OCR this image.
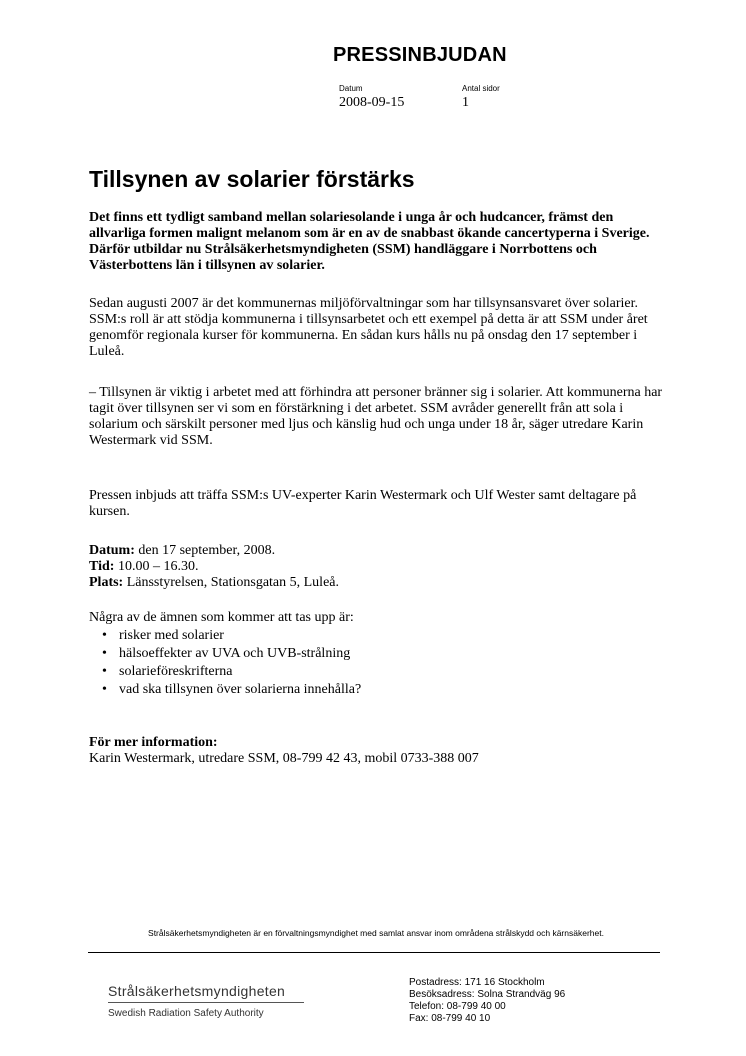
PRESSINBJUDAN
Datum
2008-09-15
Antal sidor
1
Tillsynen av solarier förstärks
Det finns ett tydligt samband mellan solariesolande i unga år och hudcancer, främst den allvarliga formen malignt melanom som är en av de snabbast ökande cancertyperna i Sverige. Därför utbildar nu Strålsäkerhetsmyndigheten (SSM) handläggare i Norrbottens och Västerbottens län i tillsynen av solarier.
Sedan augusti 2007 är det kommunernas miljöförvaltningar som har tillsynsansvaret över solarier. SSM:s roll är att stödja kommunerna i tillsynsarbetet och ett exempel på detta är att SSM under året genomför regionala kurser för kommunerna. En sådan kurs hålls nu på onsdag den 17 september i Luleå.
– Tillsynen är viktig i arbetet med att förhindra att personer bränner sig i solarier. Att kommunerna har tagit över tillsynen ser vi som en förstärkning i det arbetet. SSM avråder generellt från att sola i solarium och särskilt personer med ljus och känslig hud och unga under 18 år, säger utredare Karin Westermark vid SSM.
Pressen inbjuds att träffa SSM:s UV-experter Karin Westermark och Ulf Wester samt deltagare på kursen.
Datum: den 17 september, 2008.
Tid: 10.00 – 16.30.
Plats: Länsstyrelsen, Stationsgatan 5, Luleå.
Några av de ämnen som kommer att tas upp är:
• risker med solarier
• hälsoeffekter av UVA och UVB-strålning
• solarieföreskrifterna
• vad ska tillsynen över solarierna innehålla?
För mer information:
Karin Westermark, utredare SSM, 08-799 42 43, mobil 0733-388 007
Strålsäkerhetsmyndigheten är en förvaltningsmyndighet med samlat ansvar inom områdena strålskydd och kärnsäkerhet.
Strålsäkerhetsmyndigheten
Swedish Radiation Safety Authority
Postadress: 171 16 Stockholm
Besöksadress: Solna Strandväg 96
Telefon: 08-799 40 00
Fax: 08-799 40 10
